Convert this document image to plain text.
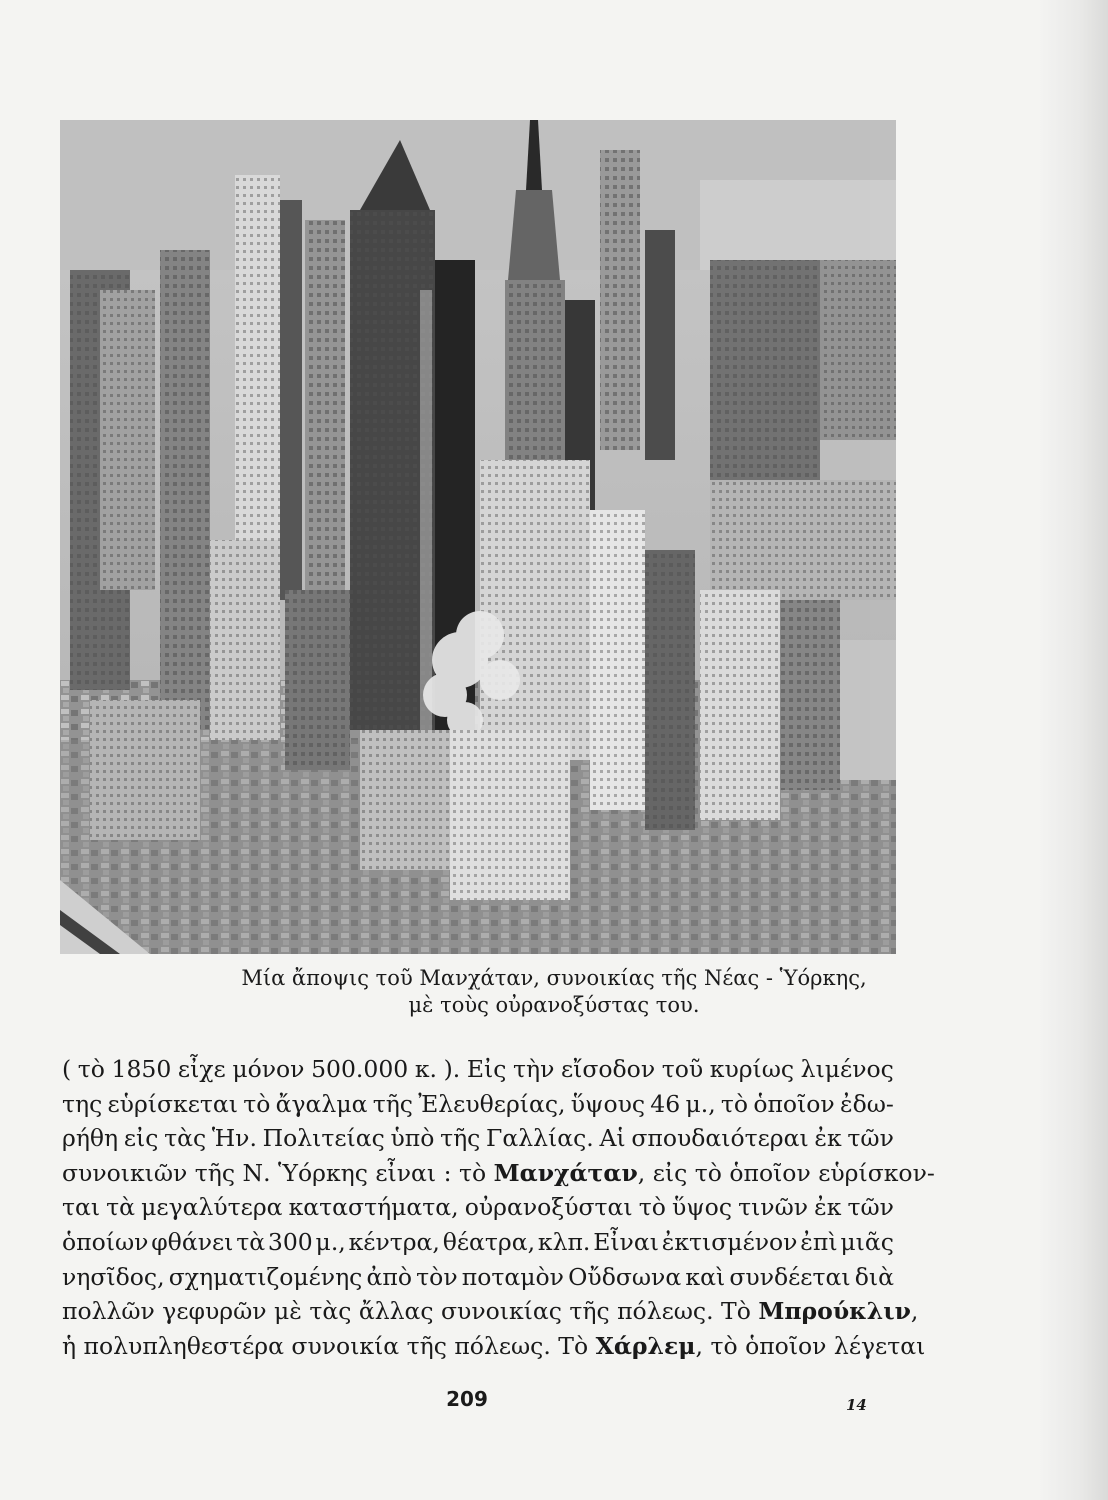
Μία ἄποψις τοῦ Μανχάταν, συνοικίας τῆς Νέας - Ὑόρκης,
μὲ τοὺς οὐρανοξύστας του.
( τὸ 1850 εἶχε μόνον 500.000 κ. ). Εἰς τὴν εἴσοδον τοῦ κυρίως λιμένος
της εὑρίσκεται τὸ ἄγαλμα τῆς Ἐλευθερίας, ὕψους 46 μ., τὸ ὁποῖον ἐδω-
ρήθη εἰς τὰς Ἡν. Πολιτείας ὑπὸ τῆς Γαλλίας. Αἱ σπουδαιότεραι ἐκ τῶν
συνοικιῶν τῆς Ν. Ὑόρκης εἶναι : τὸ Μανχάταν, εἰς τὸ ὁποῖον εὑρίσκον-
ται τὰ μεγαλύτερα καταστήματα, οὐρανοξύσται τὸ ὕψος τινῶν ἐκ τῶν
ὁποίων φθάνει τὰ 300 μ., κέντρα, θέατρα, κλπ. Εἶναι ἐκτισμένον ἐπὶ μιᾶς
νησῖδος, σχηματιζομένης ἀπὸ τὸν ποταμὸν Οὔδσωνα καὶ συνδέεται διὰ
πολλῶν γεφυρῶν μὲ τὰς ἄλλας συνοικίας τῆς πόλεως. Τὸ Μπρούκλιν,
ἡ πολυπληθεστέρα συνοικία τῆς πόλεως. Τὸ Χάρλεμ, τὸ ὁποῖον λέγεται
209	14
